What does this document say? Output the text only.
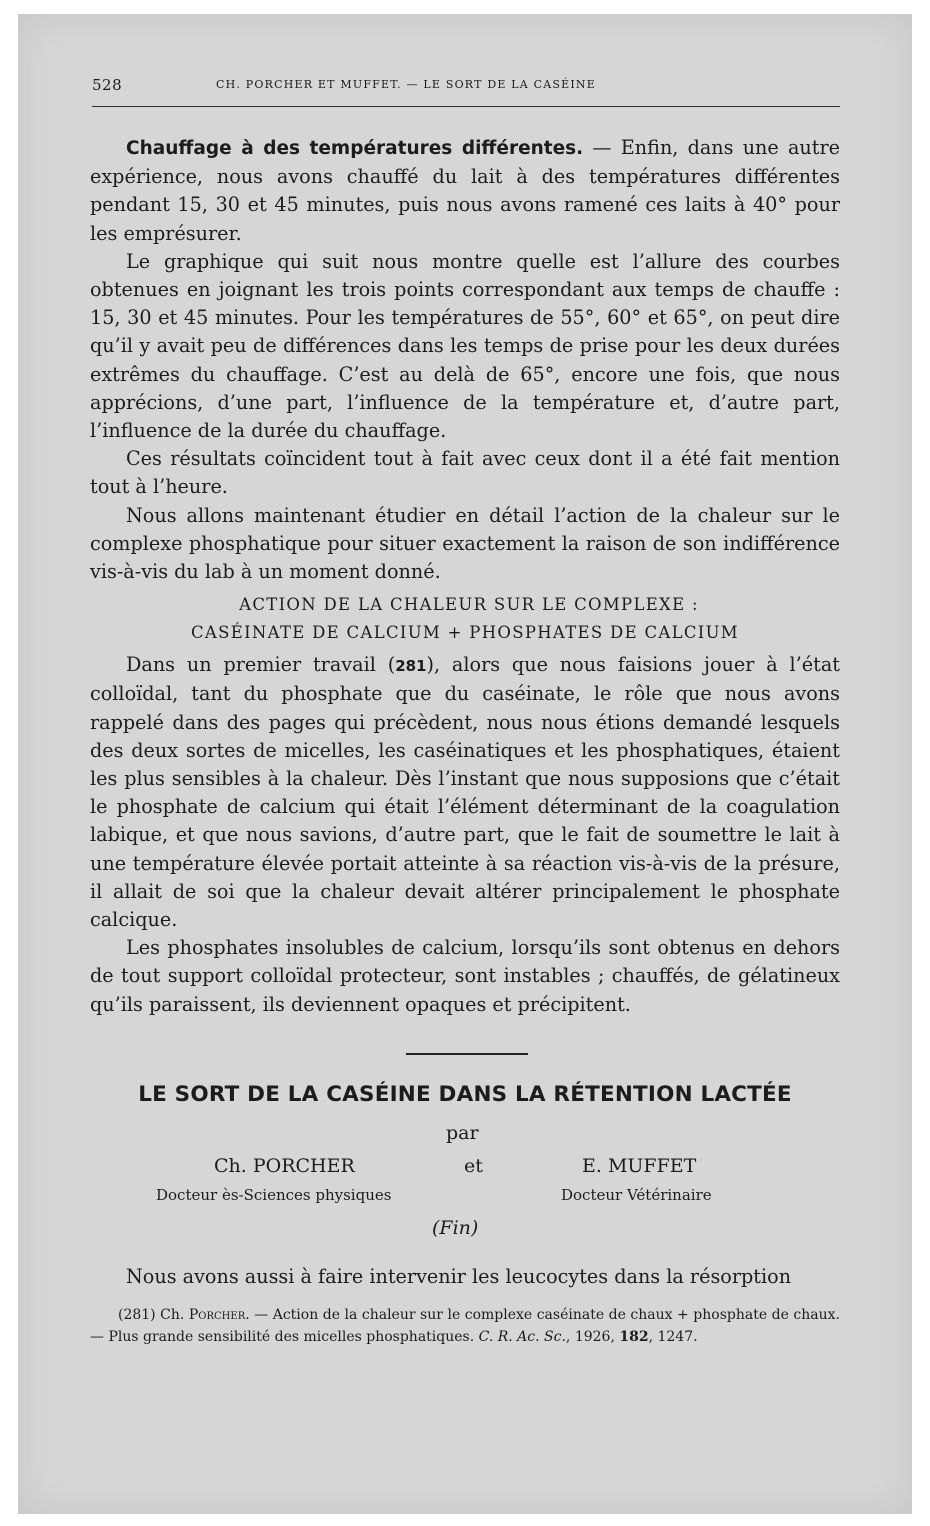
528	CH. PORCHER ET MUFFET. — LE SORT DE LA CASÉINE

Chauffage à des températures différentes. — Enfin, dans une autre expérience, nous avons chauffé du lait à des températures différentes pendant 15, 30 et 45 minutes, puis nous avons ramené ces laits à 40° pour les emprésurer.

Le graphique qui suit nous montre quelle est l’allure des courbes obtenues en joignant les trois points correspondant aux temps de chauffe : 15, 30 et 45 minutes. Pour les températures de 55°, 60° et 65°, on peut dire qu’il y avait peu de différences dans les temps de prise pour les deux durées extrêmes du chauffage. C’est au delà de 65°, encore une fois, que nous apprécions, d’une part, l’influence de la température et, d’autre part, l’influence de la durée du chauffage.

Ces résultats coïncident tout à fait avec ceux dont il a été fait mention tout à l’heure.

Nous allons maintenant étudier en détail l’action de la chaleur sur le complexe phosphatique pour situer exactement la raison de son indifférence vis-à-vis du lab à un moment donné.

ACTION DE LA CHALEUR SUR LE COMPLEXE :
CASÉINATE DE CALCIUM + PHOSPHATES DE CALCIUM

Dans un premier travail (281), alors que nous faisions jouer à l’état colloïdal, tant du phosphate que du caséinate, le rôle que nous avons rappelé dans des pages qui précèdent, nous nous étions demandé lesquels des deux sortes de micelles, les caséinatiques et les phosphatiques, étaient les plus sensibles à la chaleur. Dès l’instant que nous supposions que c’était le phosphate de calcium qui était l’élément déterminant de la coagulation labique, et que nous savions, d’autre part, que le fait de soumettre le lait à une température élevée portait atteinte à sa réaction vis-à-vis de la présure, il allait de soi que la chaleur devait altérer principalement le phosphate calcique.

Les phosphates insolubles de calcium, lorsqu’ils sont obtenus en dehors de tout support colloïdal protecteur, sont instables ; chauffés, de gélatineux qu’ils paraissent, ils deviennent opaques et précipitent.

LE SORT DE LA CASÉINE DANS LA RÉTENTION LACTÉE
par
Ch. PORCHER	et	E. MUFFET
Docteur ès-Sciences physiques	Docteur Vétérinaire
(Fin)

Nous avons aussi à faire intervenir les leucocytes dans la résorption

(281) Ch. Porcher. — Action de la chaleur sur le complexe caséinate de chaux + phosphate de chaux. — Plus grande sensibilité des micelles phosphatiques. C. R. Ac. Sc., 1926, 182, 1247.
